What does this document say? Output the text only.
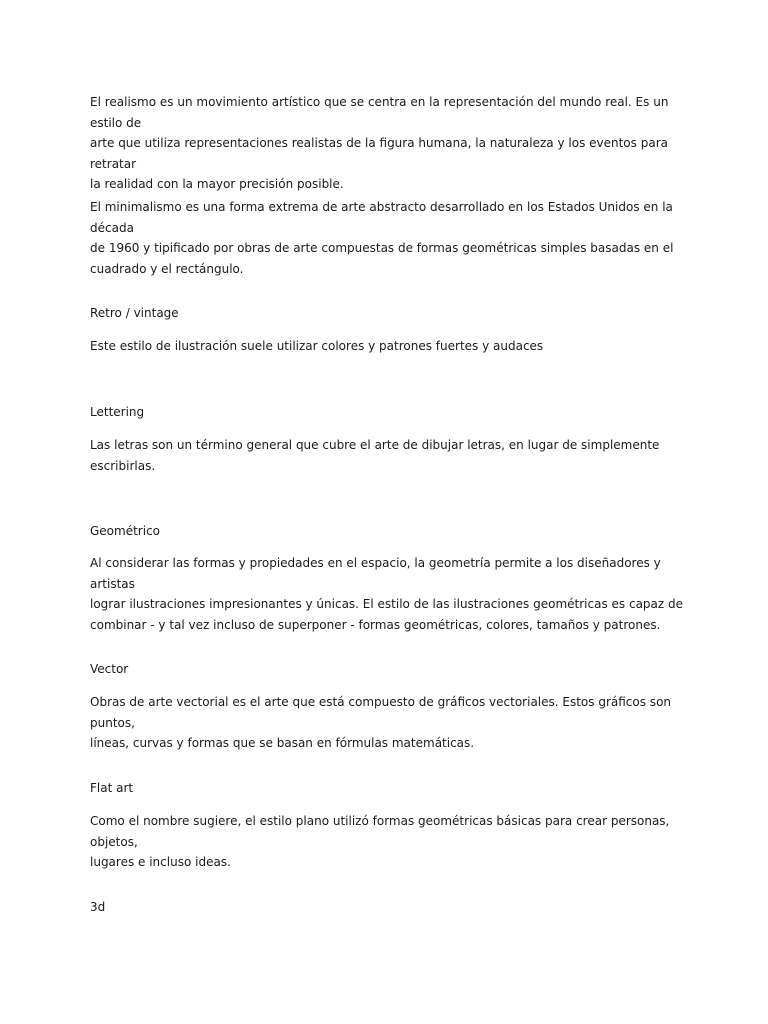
El realismo es un movimiento artístico que se centra en la representación del mundo real. Es un estilo de
arte que utiliza representaciones realistas de la figura humana, la naturaleza y los eventos para retratar
la realidad con la mayor precisión posible.

El minimalismo es una forma extrema de arte abstracto desarrollado en los Estados Unidos en la década
de 1960 y tipificado por obras de arte compuestas de formas geométricas simples basadas en el
cuadrado y el rectángulo.

Retro / vintage

Este estilo de ilustración suele utilizar colores y patrones fuertes y audaces

Lettering

Las letras son un término general que cubre el arte de dibujar letras, en lugar de simplemente
escribirlas.

Geométrico

Al considerar las formas y propiedades en el espacio, la geometría permite a los diseñadores y artistas
lograr ilustraciones impresionantes y únicas. El estilo de las ilustraciones geométricas es capaz de
combinar - y tal vez incluso de superponer - formas geométricas, colores, tamaños y patrones.

Vector

Obras de arte vectorial es el arte que está compuesto de gráficos vectoriales. Estos gráficos son puntos,
líneas, curvas y formas que se basan en fórmulas matemáticas.

Flat art

Como el nombre sugiere, el estilo plano utilizó formas geométricas básicas para crear personas, objetos,
lugares e incluso ideas.

3d
